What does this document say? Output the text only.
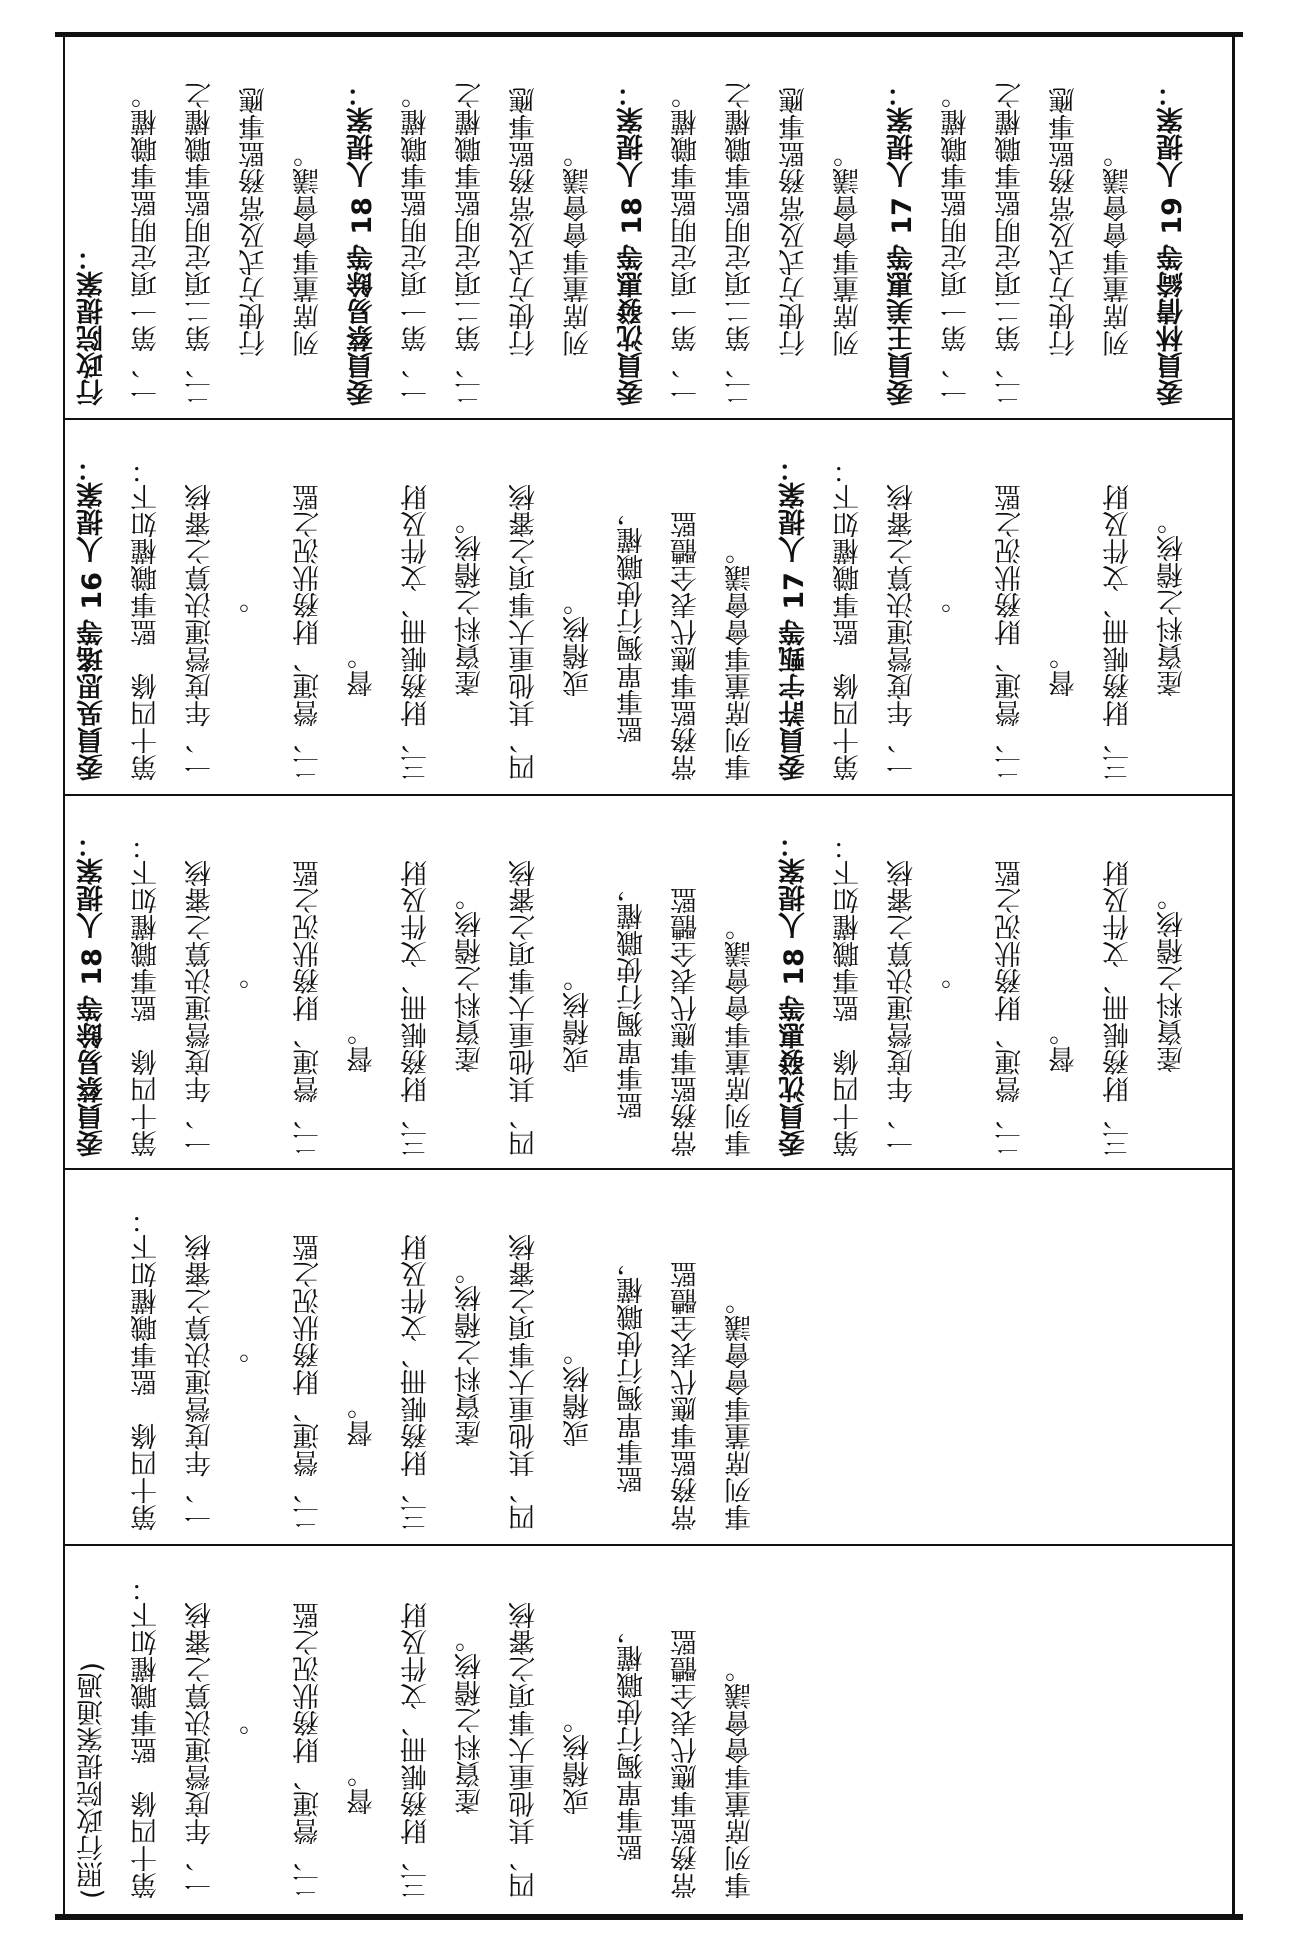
(照行政院提案通過) 第十四條　監事職權如下： 一、年度營運決算之審核 。 二、營運、財務狀況之監 督。 三、財務帳冊、文件及財 產資料之稽核。 四、其他重大事項之審核 或稽核。 監事單獨行使職權， 常務監事應代表全體監 事列席董事會會議。

第十四條　監事職權如下： 一、年度營運決算之審核 。 二、營運、財務狀況之監 督。 三、財務帳冊、文件及財 產資料之稽核。 四、其他重大事項之審核 或稽核。 監事單獨行使職權， 常務監事應代表全體監 事列席董事會會議。
委員蔡易餘等 18 人提案： 第十四條　監事職權如下： 一、年度營運決算之審核 。 二、營運、財務狀況之監 督。 三、財務帳冊、文件及財 產資料之稽核。 四、其他重大事項之審核 或稽核。 監事單獨行使職權， 常務監事應代表全體監 事列席董事會會議。 委員沈發惠等 18 人提案： 第十四條　監事職權如下： 一、年度營運決算之審核 。 二、營運、財務狀況之監 督。 三、財務帳冊、文件及財 產資料之稽核。
委員吳思瑤等 16 人提案： 第十四條　監事職權如下： 一、年度營運決算之審核 。 二、營運、財務狀況之監 督。 三、財務帳冊、文件及財 產資料之稽核。 四、其他重大事項之審核 或稽核。 監事單獨行使職權， 常務監事應代表全體監 事列席董事會會議。 委員許宇甄等 17 人提案： 第十四條　監事職權如下： 一、年度營運決算之審核 。 二、營運、財務狀況之監 督。 三、財務帳冊、文件及財 產資料之稽核。
行政院提案： 一、第一項定明監事職權。 二、第二項定明監事職權之 行使方式及常務監事應 列席董事會會議。 委員蔡易餘等 18 人提案： 一、第一項定明監事職權。 二、第二項定明監事職權之 行使方式及常務監事應 列席董事會會議。 委員沈發惠等 18 人提案： 一、第一項定明監事職權。 二、第二項定明監事職權之 行使方式及常務監事應 列席董事會會議。 委員王美惠等 17 人提案： 一、第一項定明監事職權。 二、第二項定明監事職權之 行使方式及常務監事應 列席董事會會議。 委員林倩綺等 19 人提案：
